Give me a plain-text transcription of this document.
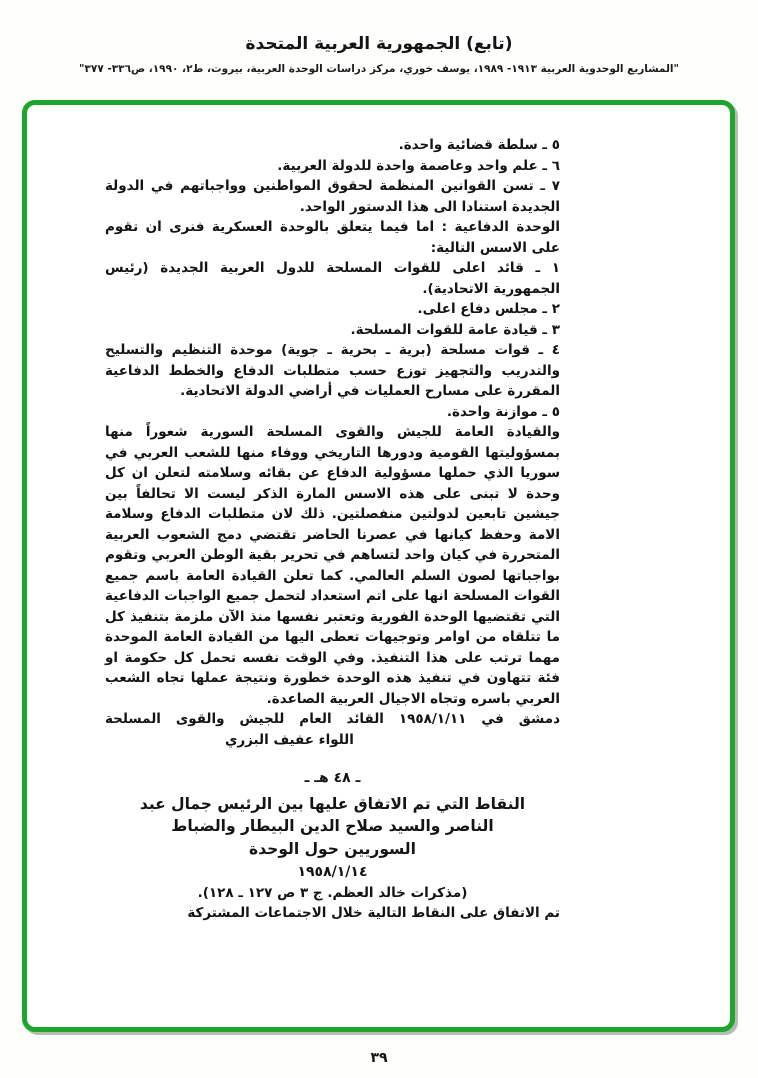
(تابع) الجمهورية العربية المتحدة
"المشاريع الوحدوية العربية ١٩١٣- ١٩٨٩، يوسف خوري، مركز دراسات الوحدة العربية، بيروت، ط٢، ١٩٩٠، ص٣٣٦- ٣٧٧"

٥ ـ سلطة قضائية واحدة.

٦ ـ علم واحد وعاصمة واحدة للدولة العربية.

٧ ـ تسن القوانين المنظمة لحقوق المواطنين وواجباتهم في الدولة الجديدة استنادا الى هذا الدستور الواحد.

الوحدة الدفاعية : اما فيما يتعلق بالوحدة العسكرية فنرى ان تقوم على الاسس التالية:

١ ـ قائد اعلى للقوات المسلحة للدول العربية الجديدة (رئيس الجمهورية الاتحادية).

٢ ـ مجلس دفاع اعلى.

٣ ـ قيادة عامة للقوات المسلحة.

٤ ـ قوات مسلحة (برية ـ بحرية ـ جوية) موحدة التنظيم والتسليح والتدريب والتجهيز توزع حسب متطلبات الدفاع والخطط الدفاعية المقررة على مسارح العمليات في أراضي الدولة الاتحادية.

٥ ـ موازنة واحدة.

والقيادة العامة للجيش والقوى المسلحة السورية شعوراً منها بمسؤوليتها القومية ودورها التاريخي ووفاء منها للشعب العربي في سوريا الذي حملها مسؤولية الدفاع عن بقائه وسلامته لتعلن ان كل وحدة لا تبنى على هذه الاسس المارة الذكر ليست الا تحالفاً بين جيشين تابعين لدولتين منفصلتين. ذلك لان متطلبات الدفاع وسلامة الامة وحفظ كيانها في عصرنا الحاضر تقتضي دمج الشعوب العربية المتحررة في كيان واحد لتساهم في تحرير بقية الوطن العربي وتقوم بواجباتها لصون السلم العالمي. كما تعلن القيادة العامة باسم جميع القوات المسلحة انها على اتم استعداد لتحمل جميع الواجبات الدفاعية التي تقتضيها الوحدة الفورية وتعتبر نفسها منذ الآن ملزمة بتنفيذ كل ما تتلقاه من اوامر وتوجيهات تعطى اليها من القيادة العامة الموحدة مهما ترتب على هذا التنفيذ. وفي الوقت نفسه تحمل كل حكومة او فئة تتهاون في تنفيذ هذه الوحدة خطورة ونتيجة عملها تجاه الشعب العربي باسره وتجاه الاجيال العربية الصاعدة.

دمشق في ١٩٥٨/١/١١ القائد العام للجيش والقوى المسلحة

اللواء عفيف البزري

ـ ٤٨ هـ ـ
النقاط التي تم الاتفاق عليها بين الرئيس جمال عبد الناصر والسيد صلاح الدين البيطار والضباط السوريين حول الوحدة
١٩٥٨/١/١٤

(مذكرات خالد العظم. ج ٣ ص ١٢٧ ـ ١٢٨).

تم الاتفاق على النقاط التالية خلال الاجتماعات المشتركة

٣٩
